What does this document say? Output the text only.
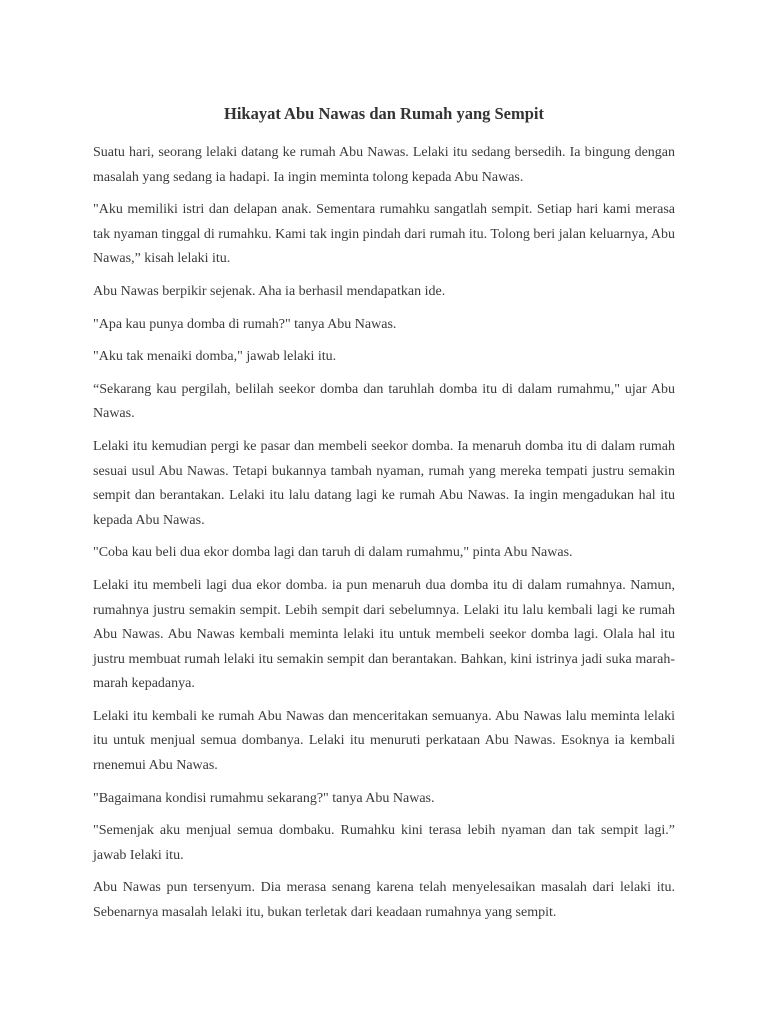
Hikayat Abu Nawas dan Rumah yang Sempit

Suatu hari, seorang lelaki datang ke rumah Abu Nawas. Lelaki itu sedang bersedih. Ia bingung dengan masalah yang sedang ia hadapi. Ia ingin meminta tolong kepada Abu Nawas.

"Aku memiliki istri dan delapan anak. Sementara rumahku sangatlah sempit. Setiap hari kami merasa tak nyaman tinggal di rumahku. Kami tak ingin pindah dari rumah itu. Tolong beri jalan keluarnya, Abu Nawas,” kisah lelaki itu.

Abu Nawas berpikir sejenak. Aha ia berhasil mendapatkan ide.

"Apa kau punya domba di rumah?" tanya Abu Nawas.

"Aku tak menaiki domba," jawab lelaki itu.

“Sekarang kau pergilah, belilah seekor domba dan taruhlah domba itu di dalam rumahmu," ujar Abu Nawas.

Lelaki itu kemudian pergi ke pasar dan membeli seekor domba. Ia menaruh domba itu di dalam rumah sesuai usul Abu Nawas. Tetapi bukannya tambah nyaman, rumah yang mereka tempati justru semakin sempit dan berantakan. Lelaki itu lalu datang lagi ke rumah Abu Nawas. Ia ingin mengadukan hal itu kepada Abu Nawas.

"Coba kau beli dua ekor domba lagi dan taruh di dalam rumahmu," pinta Abu Nawas.

Lelaki itu membeli lagi dua ekor domba. ia pun menaruh dua domba itu di dalam rumahnya. Namun, rumahnya justru semakin sempit. Lebih sempit dari sebelumnya. Lelaki itu lalu kembali lagi ke rumah Abu Nawas. Abu Nawas kembali meminta lelaki itu untuk membeli seekor domba lagi. Olala hal itu justru membuat rumah lelaki itu semakin sempit dan berantakan. Bahkan, kini istrinya jadi suka marah-marah kepadanya.

Lelaki itu kembali ke rumah Abu Nawas dan menceritakan semuanya. Abu Nawas lalu meminta lelaki itu untuk menjual semua dombanya. Lelaki itu menuruti perkataan Abu Nawas. Esoknya ia kembali rnenemui Abu Nawas.

"Bagaimana kondisi rumahmu sekarang?" tanya Abu Nawas.

"Semenjak aku menjual semua dombaku. Rumahku kini terasa lebih nyaman dan tak sempit lagi.” jawab Ielaki itu.

Abu Nawas pun tersenyum. Dia merasa senang karena telah menyelesaikan masalah dari lelaki itu. Sebenarnya masalah lelaki itu, bukan terletak dari keadaan rumahnya yang sempit.
